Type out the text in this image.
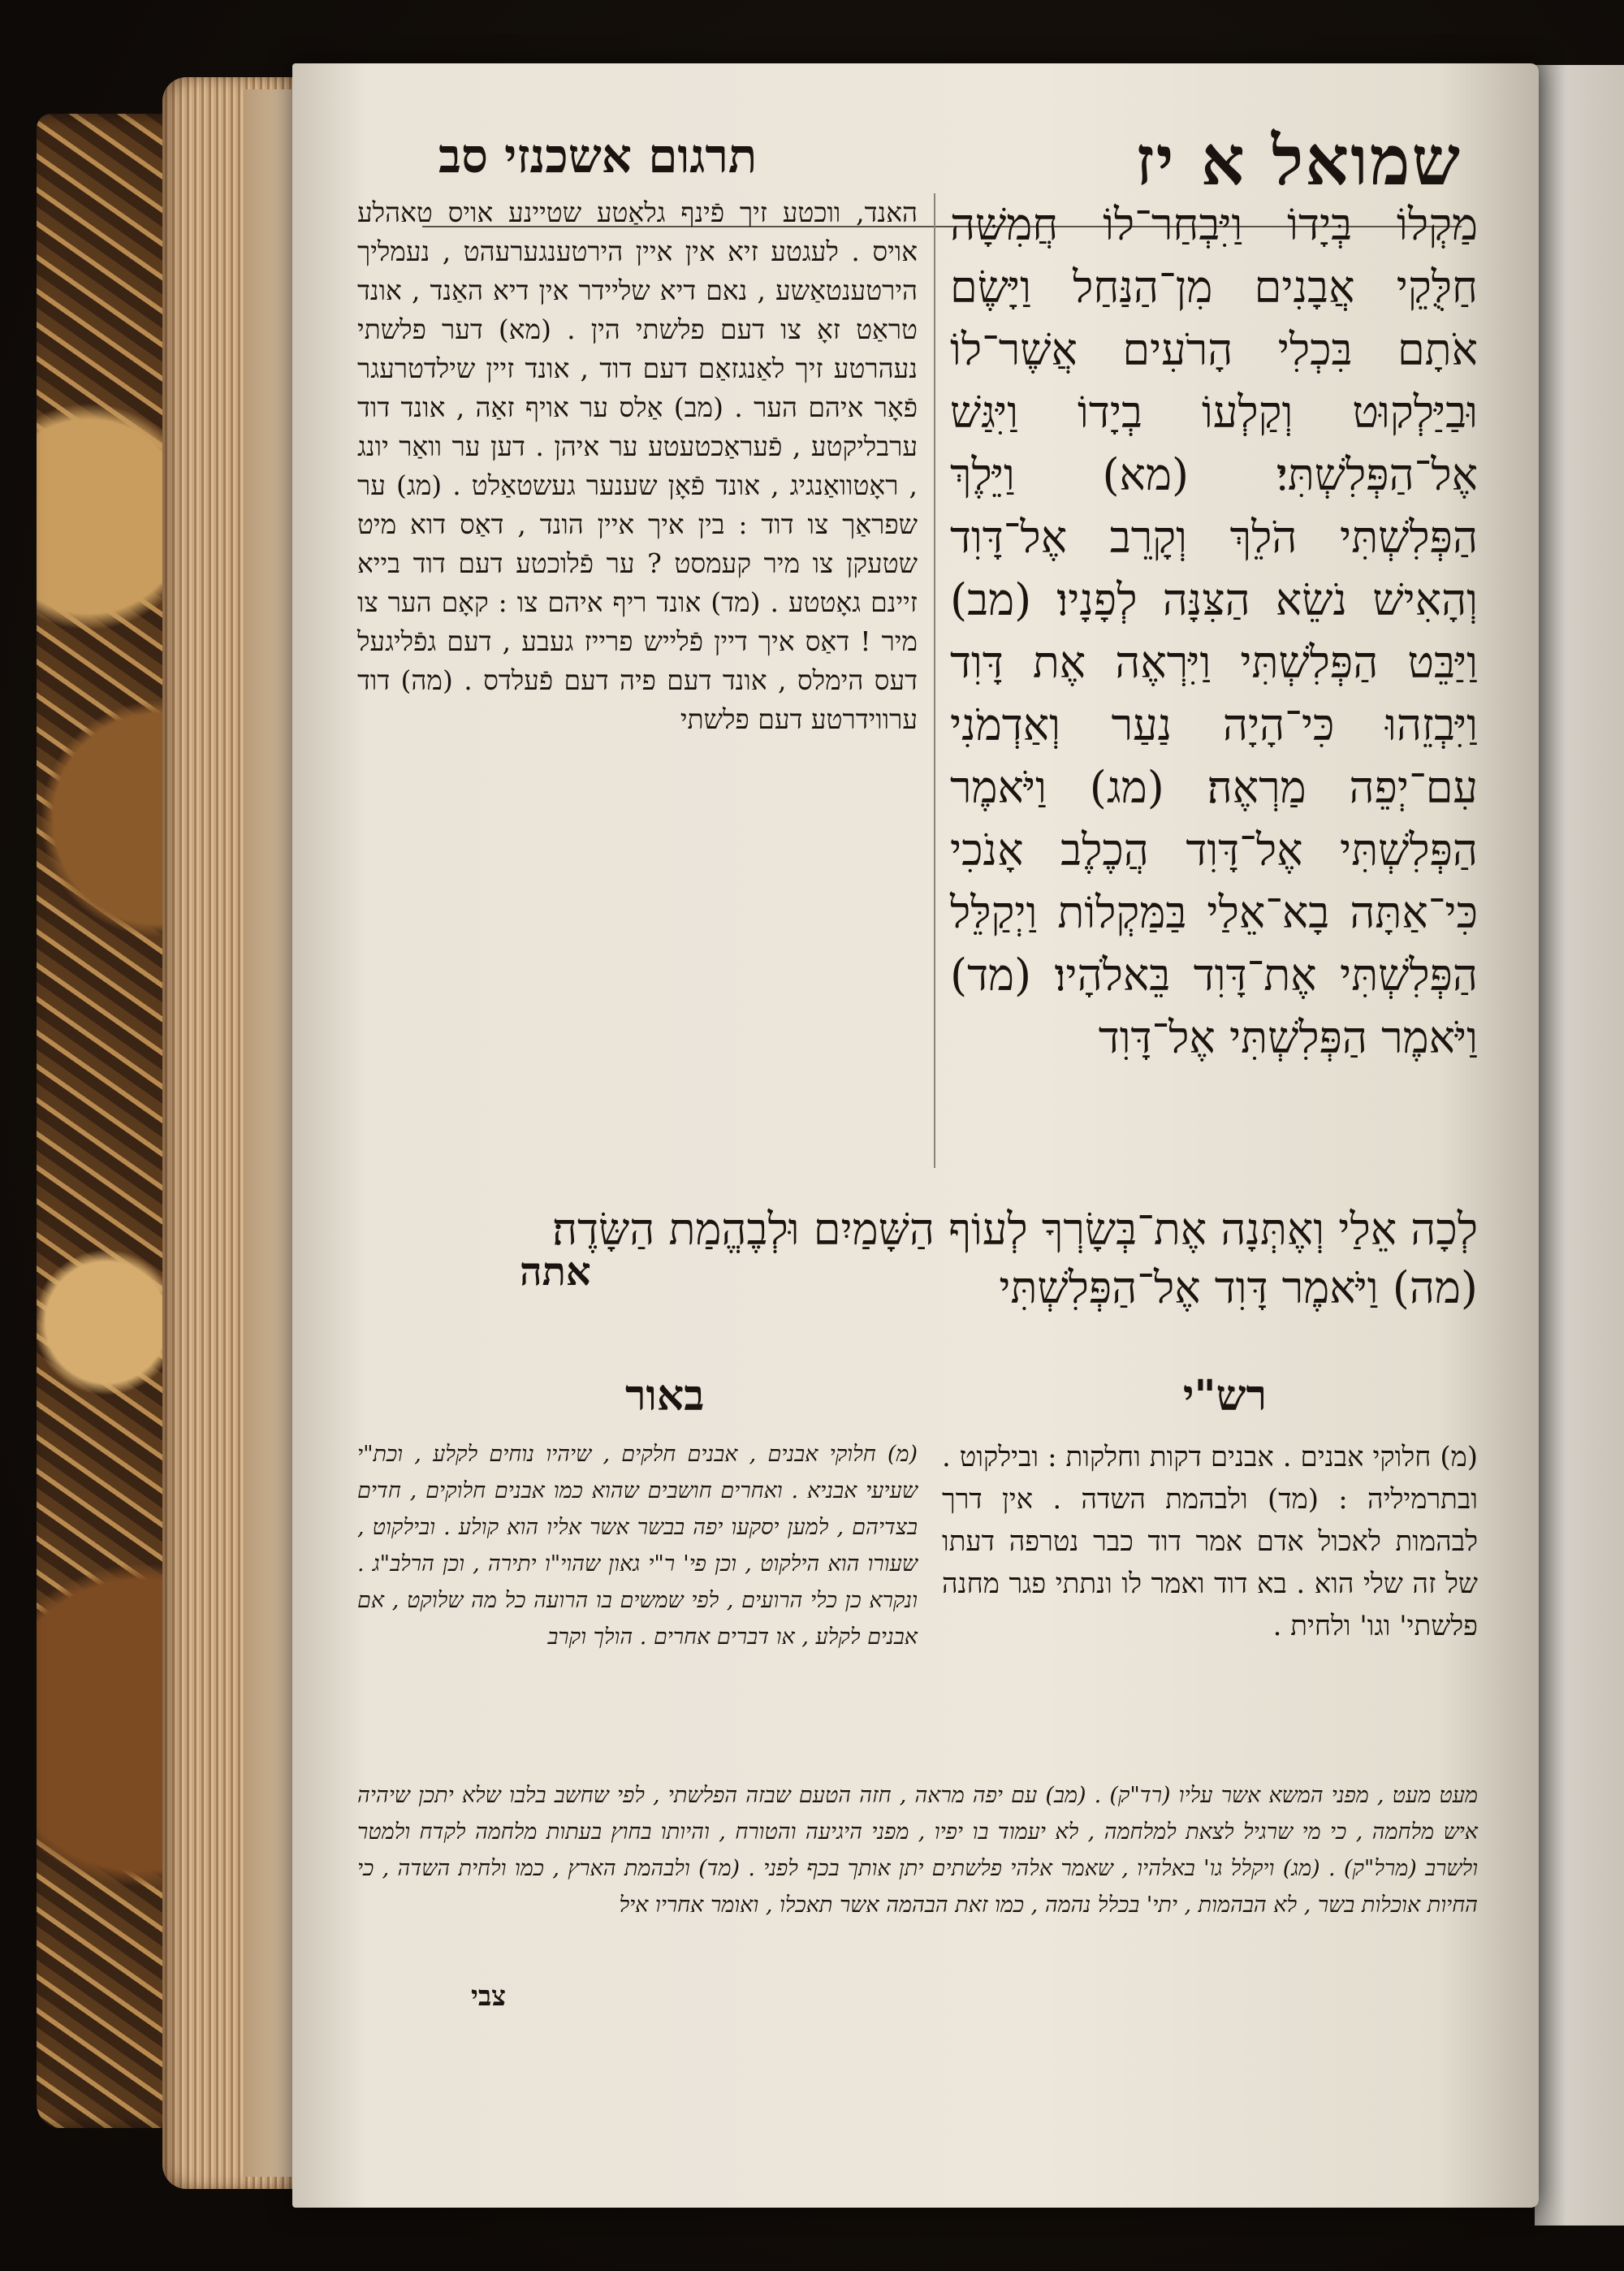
שמואל א יז
תרגום אשכנזי סב

מַקְלוֹ בְּיָדוֹ וַיִּבְחַר־לוֹ חֲמִשָּׁה חַלֻּקֵי אֲבָנִים מִן־הַנַּחַל וַיָּשֶׂם אֹתָם בִּכְלִי הָרֹעִים אֲשֶׁר־לוֹ וּבַיַּלְקוּט וְקַלְעוֹ בְיָדוֹ וַיִּגַּשׁ אֶל־הַפְּלִשְׁתִּי׃ (מא) וַיֵּלֶךְ הַפְּלִשְׁתִּי הֹלֵךְ וְקָרֵב אֶל־דָּוִד וְהָאִישׁ נֹשֵׂא הַצִּנָּה לְפָנָיו׃ (מב) וַיַּבֵּט הַפְּלִשְׁתִּי וַיִּרְאֶה אֶת דָּוִד וַיִּבְזֵהוּ כִּי־הָיָה נַעַר וְאַדְמֹנִי עִם־יְפֵה מַרְאֶה׃ (מג) וַיֹּאמֶר הַפְּלִשְׁתִּי אֶל־דָּוִד הֲכֶלֶב אָנֹכִי כִּי־אַתָּה בָא־אֵלַי בַּמַּקְלוֹת וַיְקַלֵּל הַפְּלִשְׁתִּי אֶת־דָּוִד בֵּאלֹהָיו׃ (מד) וַיֹּאמֶר הַפְּלִשְׁתִּי אֶל־דָּוִד

האנד, ווכטע זיך פֿינף גלאַטע שטיינע אויס טאהלע אויס . לעגטע זיא אין איין הירטענגערעהט , נעמליך הירטענטאַשע , נאם דיא שליידר אין דיא האַנד , אונד טראַט זאָ צו דעם פלשתי הין . (מא) דער פלשתי נעהרטע זיך לאַנגזאַם דעם דוד , אונד זיין שילדטרעגר פֿאָר איהם הער . (מב) אַלס ער אויף זאַה , אונד דוד ערבליקטע , פֿעראַכטעטע ער איהן . דען ער וואַר יונג , ראָטוואַנגיג , אונד פֿאָן שענער געשטאַלט . (מג) ער שפראַך צו דוד : בין איך איין הונד , דאַס דוא מיט שטעקן צו מיר קעמסט ? ער פֿלוכטע דעם דוד בייא זיינם גאָטטע . (מד) אונד ריף איהם צו : קאָם הער צו מיר ! דאַס איך דיין פֿלייש פרייז געבע , דעם גפֿליגעל דעס הימלס , אונד דעם פיה דעם פֿעלדס . (מה) דוד ערווידרטע דעם פלשתי

לְכָה אֵלַי וְאֶתְּנָה אֶת־בְּשָׂרְךָ לְעוֹף הַשָּׁמַיִם וּלְבֶהֱמַת הַשָּׂדֶה׃
(מה) וַיֹּאמֶר דָּוִד אֶל־הַפְּלִשְׁתִּי
אתה
רש"י
באור

(מ) חלוקי אבנים . אבנים דקות וחלקות : ובילקוט . ובתרמיליה : (מד) ולבהמת השדה . אין דרך לבהמות לאכול אדם אמר דוד כבר נטרפה דעתו של זה שלי הוא . בא דוד ואמר לו ונתתי פגר מחנה פלשתי' וגו' ולחית .

(מ) חלוקי אבנים , אבנים חלקים , שיהיו נוחים לקלע , וכת"י שעיעי אבניא . ואחרים חושבים שהוא כמו אבנים חלוקים , חדים בצדיהם , למען יסקעו יפה בבשר אשר אליו הוא קולע . ובילקוט , שעורו הוא הילקוט , וכן פי' ר"י גאון שהוי"ו יתירה , וכן הרלב"ג . ונקרא כן כלי הרועים , לפי שמשים בו הרועה כל מה שלוקט , אם אבנים לקלע , או דברים אחרים . הולך וקרב

מעט מעט , מפני המשא אשר עליו (רד"ק) . (מב) עם יפה מראה , חזה הטעם שבזה הפלשתי , לפי שחשב בלבו שלא יתכן שיהיה איש מלחמה , כי מי שרגיל לצאת למלחמה , לא יעמוד בו יפיו , מפני היגיעה והטורח , והיותו בחוץ בעתות מלחמה לקדח ולמטר ולשרב (מרל"ק) . (מג) ויקלל גו' באלהיו , שאמר אלהי פלשתים יתן אותך בכף לפני . (מד) ולבהמת הארץ , כמו ולחית השדה , כי החיות אוכלות בשר , לא הבהמות , יתי' בכלל נהמה , כמו זאת הבהמה אשר תאכלו , ואומר אחריו איל

צבי
